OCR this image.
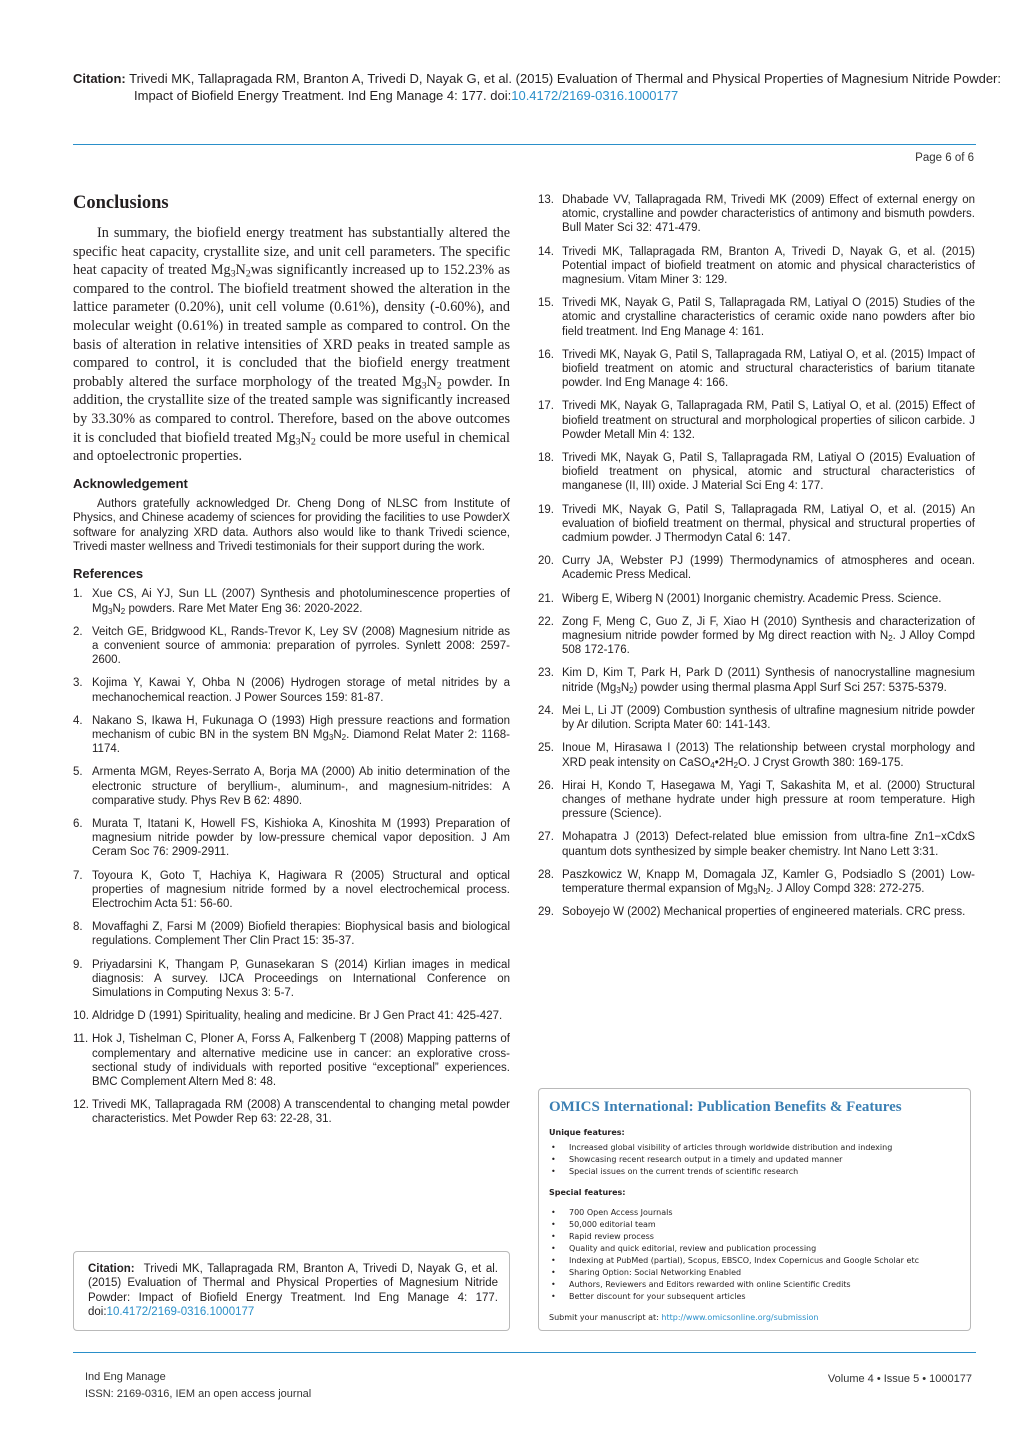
Citation: Trivedi MK, Tallapragada RM, Branton A, Trivedi D, Nayak G, et al. (2015) Evaluation of Thermal and Physical Properties of Magnesium Nitride Powder: Impact of Biofield Energy Treatment. Ind Eng Manage 4: 177. doi:10.4172/2169-0316.1000177
Page 6 of 6
Conclusions

In summary, the biofield energy treatment has substantially altered the specific heat capacity, crystallite size, and unit cell parameters. The specific heat capacity of treated $Mg_3N_2was$ significantly increased up to 152.23% as compared to the control. The biofield treatment showed the alteration in the lattice parameter (0.20%), unit cell volume (0.61%), density (-0.60%), and molecular weight (0.61%) in treated sample as compared to control. On the basis of alteration in relative intensities of XRD peaks in treated sample as compared to control, it is concluded that the biofield energy treatment probably altered the surface morphology of the treated $Mg_3N_2$ powder. In addition, the crystallite size of the treated sample was significantly increased by 33.30% as compared to control. Therefore, based on the above outcomes it is concluded that biofield treated $Mg_3N_2$ could be more useful in chemical and optoelectronic properties.

Acknowledgement

Authors gratefully acknowledged Dr. Cheng Dong of NLSC from Institute of Physics, and Chinese academy of sciences for providing the facilities to use PowderX software for analyzing XRD data. Authors also would like to thank Trivedi science, Trivedi master wellness and Trivedi testimonials for their support during the work.

References
1. Xue CS, Ai YJ, Sun LL (2007) Synthesis and photoluminescence properties of $Mg_3N_2$ powders. Rare Met Mater Eng 36: 2020-2022.
2. Veitch GE, Bridgwood KL, Rands-Trevor K, Ley SV (2008) Magnesium nitride as a convenient source of ammonia: preparation of pyrroles. Synlett 2008: 2597-2600.
3. Kojima Y, Kawai Y, Ohba N (2006) Hydrogen storage of metal nitrides by a mechanochemical reaction. J Power Sources 159: 81-87.
4. Nakano S, Ikawa H, Fukunaga O (1993) High pressure reactions and formation mechanism of cubic BN in the system BN $Mg_3N_2$. Diamond Relat Mater 2: 1168-1174.
5. Armenta MGM, Reyes-Serrato A, Borja MA (2000) Ab initio determination of the electronic structure of beryllium-, aluminum-, and magnesium-nitrides: A comparative study. Phys Rev B 62: 4890.
6. Murata T, Itatani K, Howell FS, Kishioka A, Kinoshita M (1993) Preparation of magnesium nitride powder by low-pressure chemical vapor deposition. J Am Ceram Soc 76: 2909-2911.
7. Toyoura K, Goto T, Hachiya K, Hagiwara R (2005) Structural and optical properties of magnesium nitride formed by a novel electrochemical process. Electrochim Acta 51: 56-60.
8. Movaffaghi Z, Farsi M (2009) Biofield therapies: Biophysical basis and biological regulations. Complement Ther Clin Pract 15: 35-37.
9. Priyadarsini K, Thangam P, Gunasekaran S (2014) Kirlian images in medical diagnosis: A survey. IJCA Proceedings on International Conference on Simulations in Computing Nexus 3: 5-7.
10. Aldridge D (1991) Spirituality, healing and medicine. Br J Gen Pract 41: 425-427.
11. Hok J, Tishelman C, Ploner A, Forss A, Falkenberg T (2008) Mapping patterns of complementary and alternative medicine use in cancer: an explorative cross-sectional study of individuals with reported positive “exceptional” experiences. BMC Complement Altern Med 8: 48.
12. Trivedi MK, Tallapragada RM (2008) A transcendental to changing metal powder characteristics. Met Powder Rep 63: 22-28, 31.
13. Dhabade VV, Tallapragada RM, Trivedi MK (2009) Effect of external energy on atomic, crystalline and powder characteristics of antimony and bismuth powders. Bull Mater Sci 32: 471-479.
14. Trivedi MK, Tallapragada RM, Branton A, Trivedi D, Nayak G, et al. (2015) Potential impact of biofield treatment on atomic and physical characteristics of magnesium. Vitam Miner 3: 129.
15. Trivedi MK, Nayak G, Patil S, Tallapragada RM, Latiyal O (2015) Studies of the atomic and crystalline characteristics of ceramic oxide nano powders after bio field treatment. Ind Eng Manage 4: 161.
16. Trivedi MK, Nayak G, Patil S, Tallapragada RM, Latiyal O, et al. (2015) Impact of biofield treatment on atomic and structural characteristics of barium titanate powder. Ind Eng Manage 4: 166.
17. Trivedi MK, Nayak G, Tallapragada RM, Patil S, Latiyal O, et al. (2015) Effect of biofield treatment on structural and morphological properties of silicon carbide. J Powder Metall Min 4: 132.
18. Trivedi MK, Nayak G, Patil S, Tallapragada RM, Latiyal O (2015) Evaluation of biofield treatment on physical, atomic and structural characteristics of manganese (II, III) oxide. J Material Sci Eng 4: 177.
19. Trivedi MK, Nayak G, Patil S, Tallapragada RM, Latiyal O, et al. (2015) An evaluation of biofield treatment on thermal, physical and structural properties of cadmium powder. J Thermodyn Catal 6: 147.
20. Curry JA, Webster PJ (1999) Thermodynamics of atmospheres and ocean. Academic Press Medical.
21. Wiberg E, Wiberg N (2001) Inorganic chemistry. Academic Press. Science.
22. Zong F, Meng C, Guo Z, Ji F, Xiao H (2010) Synthesis and characterization of magnesium nitride powder formed by Mg direct reaction with $N_2$. J Alloy Compd 508 172-176.
23. Kim D, Kim T, Park H, Park D (2011) Synthesis of nanocrystalline magnesium nitride $(Mg_3N_2)$ powder using thermal plasma Appl Surf Sci 257: 5375-5379.
24. Mei L, Li JT (2009) Combustion synthesis of ultrafine magnesium nitride powder by Ar dilution. Scripta Mater 60: 141-143.
25. Inoue M, Hirasawa I (2013) The relationship between crystal morphology and XRD peak intensity on $CaSO_4•2H_2O$. J Cryst Growth 380: 169-175.
26. Hirai H, Kondo T, Hasegawa M, Yagi T, Sakashita M, et al. (2000) Structural changes of methane hydrate under high pressure at room temperature. High pressure (Science).
27. Mohapatra J (2013) Defect-related blue emission from ultra-fine Zn1−xCdxS quantum dots synthesized by simple beaker chemistry. Int Nano Lett 3:31.
28. Paszkowicz W, Knapp M, Domagala JZ, Kamler G, Podsiadlo S (2001) Low-temperature thermal expansion of $Mg_3N_2$. J Alloy Compd 328: 272-275.
29. Soboyejo W (2002) Mechanical properties of engineered materials. CRC press.
Citation: Trivedi MK, Tallapragada RM, Branton A, Trivedi D, Nayak G, et al. (2015) Evaluation of Thermal and Physical Properties of Magnesium Nitride Powder: Impact of Biofield Energy Treatment. Ind Eng Manage 4: 177. doi:10.4172/2169-0316.1000177
OMICS International: Publication Benefits & Features
Unique features:
• Increased global visibility of articles through worldwide distribution and indexing
• Showcasing recent research output in a timely and updated manner
• Special issues on the current trends of scientific research
Special features:
• 700 Open Access Journals
• 50,000 editorial team
• Rapid review process
• Quality and quick editorial, review and publication processing
• Indexing at PubMed (partial), Scopus, EBSCO, Index Copernicus and Google Scholar etc
• Sharing Option: Social Networking Enabled
• Authors, Reviewers and Editors rewarded with online Scientific Credits
• Better discount for your subsequent articles
Submit your manuscript at: http://www.omicsonline.org/submission
Ind Eng Manage
ISSN: 2169-0316, IEM an open access journal
Volume 4 • Issue 5 • 1000177
